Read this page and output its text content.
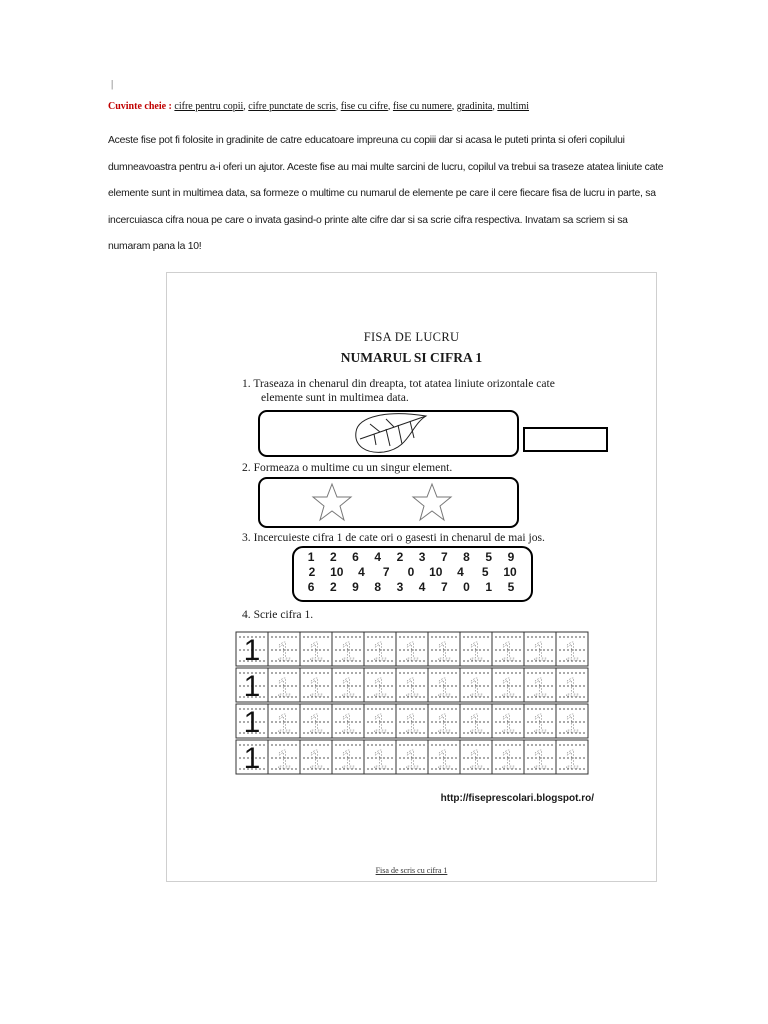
|
Cuvinte cheie : cifre pentru copii, cifre punctate de scris, fise cu cifre, fise cu numere, gradinita, multimi

Aceste fise pot fi folosite in gradinite de catre educatoare impreuna cu copiii dar si acasa le puteti printa si oferi copilului dumneavoastra pentru a-i oferi un ajutor. Aceste fise au mai multe sarcini de lucru, copilul va trebui sa traseze atatea liniute cate elemente sunt in multimea data, sa formeze o multime cu numarul de elemente pe care il cere fiecare fisa de lucru in parte, sa incercuiasca cifra noua pe care o invata gasind-o printe alte cifre dar si sa scrie cifra respectiva. Invatam sa scriem si sa numaram pana la 10!

FISA DE LUCRU
NUMARUL SI CIFRA 1
1. Traseaza in chenarul din dreapta, tot atatea liniute orizontale cate
elemente sunt in multimea data.
2. Formeaza o multime cu un singur element.
3. Incercuieste cifra 1 de cate ori o gasesti in chenarul de mai jos.
1	2	6	4	2	3	7	8	5	9
2	10	4	7	0	10	4	5	10
6	2	9	8	3	4	7	0	1	5
4. Scrie cifra 1.
1 1 1 1 1 1 1 1 1 1 1
1 1 1 1 1 1 1 1 1 1 1
1 1 1 1 1 1 1 1 1 1 1
1 1 1 1 1 1 1 1 1 1 1
http://fiseprescolari.blogspot.ro/
Fisa de scris cu cifra 1
